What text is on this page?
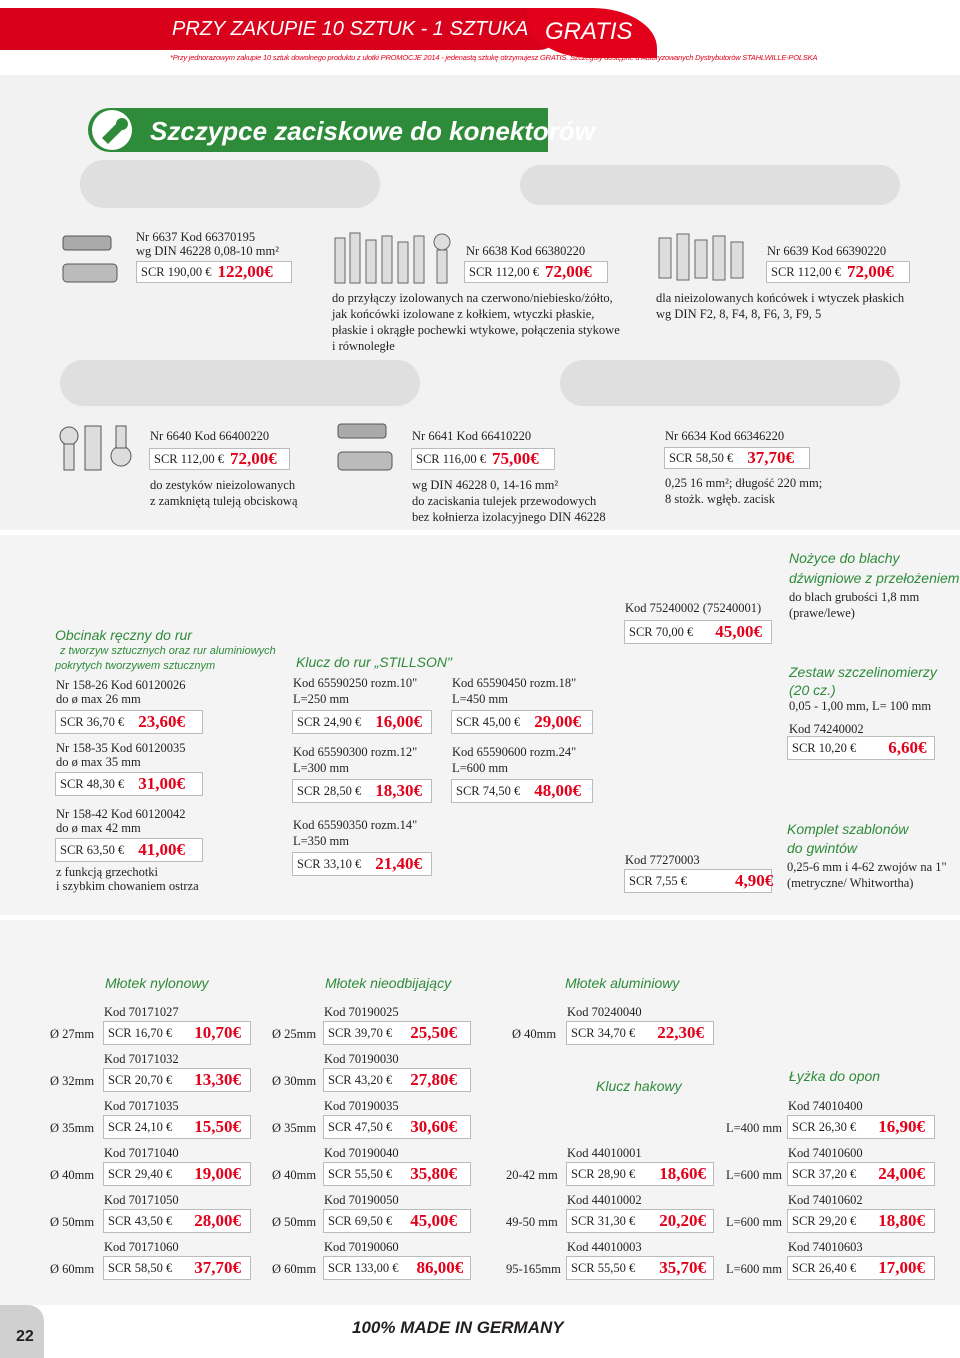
PRZY ZAKUPIE 10 SZTUK - 1 SZTUKA GRATIS *
*Przy jednorazowym zakupie 10 sztuk dowolnego produktu z ulotki PROMOCJE 2014 - jedenastą sztukę otrzymujesz GRATIS. Szczegóły dostępne u Autoryzowanych Dystrybutorów STAHLWILLE-POLSKA
Szczypce zaciskowe do konektorów
Nr 6637 Kod 66370195
wg DIN 46228 0,08-10 mm²
SCR 190,00 € 122,00€
Nr 6638 Kod 66380220
SCR 112,00 € 72,00€
do przyłączy izolowanych na czerwono/niebiesko/żółto,
jak końcówki izolowane z kołkiem, wtyczki płaskie,
płaskie i okrągłe pochewki wtykowe, połączenia stykowe
i równoległe
Nr 6639 Kod 66390220
SCR 112,00 € 72,00€
dla nieizolowanych końcówek i wtyczek płaskich
wg DIN F2, 8, F4, 8, F6, 3, F9, 5
Nr 6640 Kod 66400220
SCR 112,00 € 72,00€
do zestyków nieizolowanych
z zamkniętą tuleją obciskową
Nr 6641 Kod 66410220
SCR 116,00 € 75,00€
wg DIN 46228 0, 14-16 mm²
do zaciskania tulejek przewodowych
bez kołnierza izolacyjnego DIN 46228
Nr 6634 Kod 66346220
SCR 58,50 € 37,70€
0,25 16 mm²; długość 220 mm;
8 stożk. wgłęb. zacisk
Obcinak ręczny do rur
z tworzyw sztucznych oraz rur aluminiowych
pokrytych tworzywem sztucznym
Nr 158-26 Kod 60120026
do ø max 26 mm
SCR 36,70 € 23,60€
Nr 158-35 Kod 60120035
do ø max 35 mm
SCR 48,30 € 31,00€
Nr 158-42 Kod 60120042
do ø max 42 mm
SCR 63,50 € 41,00€
z funkcją grzechotki
i szybkim chowaniem ostrza
Klucz do rur „STILLSON"
Kod 65590250 rozm.10"
L=250 mm
SCR 24,90 € 16,00€
Kod 65590450 rozm.18"
L=450 mm
SCR 45,00 € 29,00€
Kod 65590300 rozm.12"
L=300 mm
SCR 28,50 € 18,30€
Kod 65590600 rozm.24"
L=600 mm
SCR 74,50 € 48,00€
Kod 65590350 rozm.14"
L=350 mm
SCR 33,10 € 21,40€
Kod 75240002 (75240001)
SCR 70,00 € 45,00€
Kod 77270003
SCR 7,55 €	4,90€
Nożyce do blachy
dźwigniowe z przełożeniem
do blach grubości 1,8 mm
(prawe/lewe)
Zestaw szczelinomierzy
(20 cz.)
0,05 - 1,00 mm, L= 100 mm
Kod 74240002
SCR 10,20 € 6,60€
Komplet szablonów
do gwintów
0,25-6 mm i 4-62 zwojów na 1"
(metryczne/ Whitwortha)
Młotek nylonowy
Ø 27mm
Kod 70171027
SCR 16,70 € 10,70€
Ø 32mm
Kod 70171032
SCR 20,70 € 13,30€
Ø 35mm
Kod 70171035
SCR 24,10 € 15,50€
Ø 40mm
Kod 70171040
SCR 29,40 € 19,00€
Ø 50mm
Kod 70171050
SCR 43,50 € 28,00€
Ø 60mm
Kod 70171060
SCR 58,50 € 37,70€
Młotek nieodbijający
Ø 25mm
Kod 70190025
SCR 39,70 € 25,50€
Ø 30mm
Kod 70190030
SCR 43,20 € 27,80€
Ø 35mm
Kod 70190035
SCR 47,50 € 30,60€
Ø 40mm
Kod 70190040
SCR 55,50 € 35,80€
Ø 50mm
Kod 70190050
SCR 69,50 € 45,00€
Ø 60mm
Kod 70190060
SCR 133,00 € 86,00€
Młotek aluminiowy
Ø 40mm
Kod 70240040
SCR 34,70 € 22,30€
Klucz hakowy
20-42 mm
Kod 44010001
SCR 28,90 € 18,60€
49-50 mm
Kod 44010002
SCR 31,30 € 20,20€
95-165mm
Kod 44010003
SCR 55,50 € 35,70€
Łyżka do opon
L=400 mm
Kod 74010400
SCR 26,30 € 16,90€
L=600 mm
Kod 74010600
SCR 37,20 € 24,00€
L=600 mm
Kod 74010602
SCR 29,20 € 18,80€
L=600 mm
Kod 74010603
SCR 26,40 € 17,00€
22	100% MADE IN GERMANY
